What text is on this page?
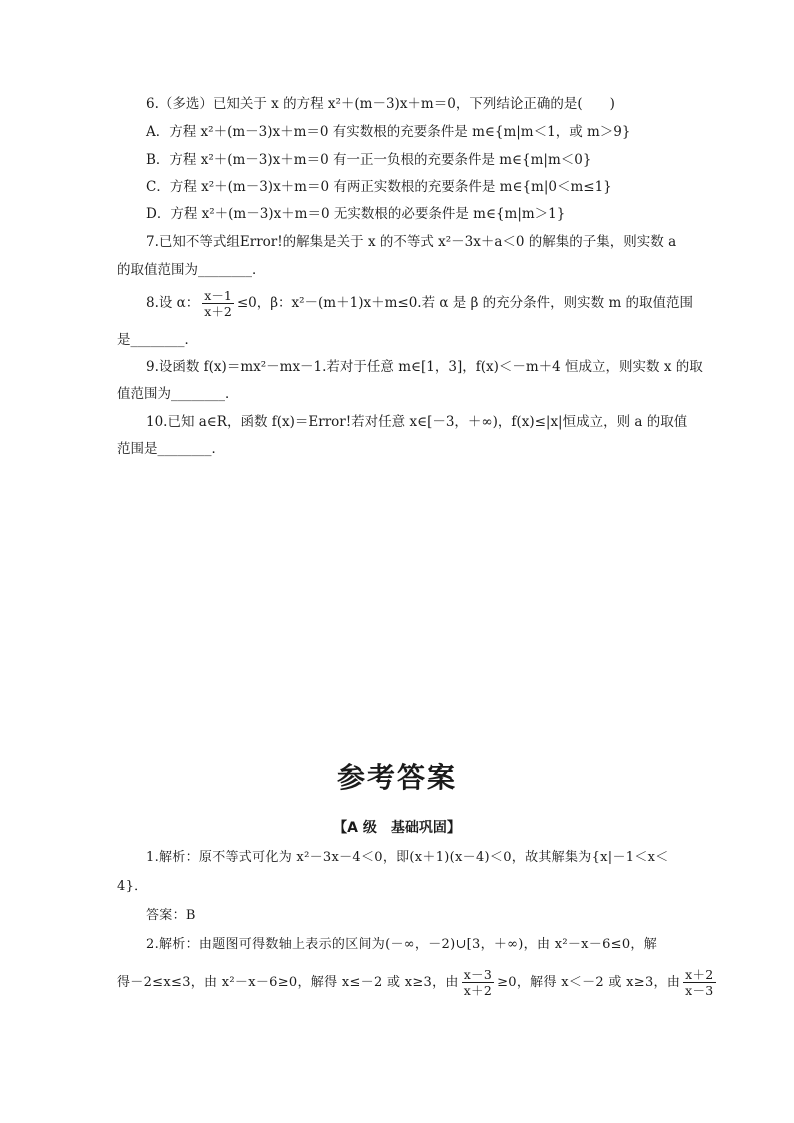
6.（多选）已知关于 x 的方程 x²＋(m－3)x＋m＝0，下列结论正确的是(　　)
A．方程 x²＋(m－3)x＋m＝0 有实数根的充要条件是 m∈{m|m＜1，或 m＞9}
B．方程 x²＋(m－3)x＋m＝0 有一正一负根的充要条件是 m∈{m|m＜0}
C．方程 x²＋(m－3)x＋m＝0 有两正实数根的充要条件是 m∈{m|0＜m≤1}
D．方程 x²＋(m－3)x＋m＝0 无实数根的必要条件是 m∈{m|m＞1}
7.已知不等式组Error!的解集是关于 x 的不等式 x²－3x＋a＜0 的解集的子集，则实数 a
的取值范围为________．
8.设 α： $\frac{x-1}{x+2} \le 0$，β：x²－(m＋1)x＋m≤0.若 α 是 β 的充分条件，则实数 m 的取值范围
是________．
9.设函数 f(x)＝mx²－mx－1.若对于任意 m∈[1，3]，f(x)＜－m＋4 恒成立，则实数 x 的取
值范围为________．
10.已知 a∈R，函数 f(x)＝Error!若对任意 x∈[－3，＋∞)，f(x)≤|x|恒成立，则 a 的取值
范围是________．
参考答案
【A 级　基础巩固】
1.解析：原不等式可化为 x²－3x－4＜0，即(x＋1)(x－4)＜0，故其解集为{x|－1＜x＜
4}．
答案：B
2.解析：由题图可得数轴上表示的区间为(－∞，－2)∪[3，＋∞)，由 x²－x－6≤0，解
得－2≤x≤3，由 x²－x－6≥0，解得 x≤－2 或 x≥3，由 $\frac{x-3}{x+2} \ge 0$，解得 x＜－2 或 x≥3，由 $\frac{x+2}{x-3}$
